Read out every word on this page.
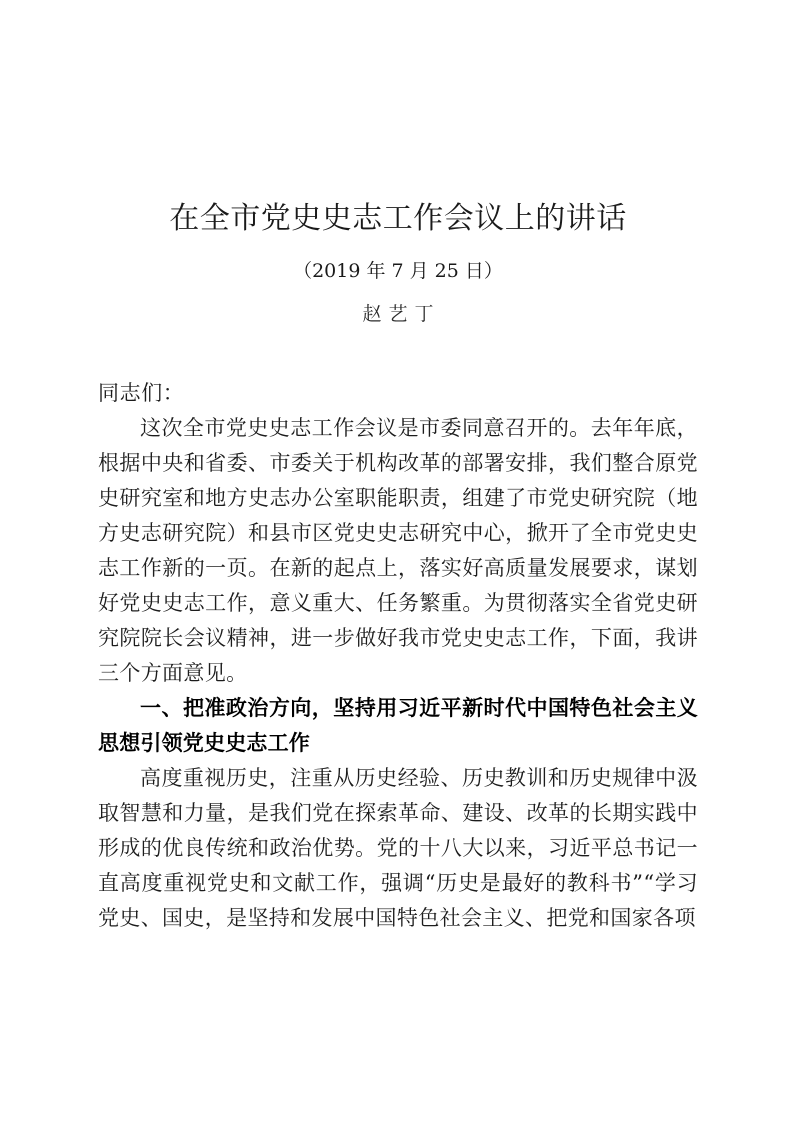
在全市党史史志工作会议上的讲话
（2019 年 7 月 25 日）
赵艺丁
同志们：

这次全市党史史志工作会议是市委同意召开的。去年年底，根据中央和省委、市委关于机构改革的部署安排，我们整合原党史研究室和地方史志办公室职能职责，组建了市党史研究院（地方史志研究院）和县市区党史史志研究中心，掀开了全市党史史志工作新的一页。在新的起点上，落实好高质量发展要求，谋划好党史史志工作，意义重大、任务繁重。为贯彻落实全省党史研究院院长会议精神，进一步做好我市党史史志工作，下面，我讲三个方面意见。

一、把准政治方向，坚持用习近平新时代中国特色社会主义思想引领党史史志工作

高度重视历史，注重从历史经验、历史教训和历史规律中汲取智慧和力量，是我们党在探索革命、建设、改革的长期实践中形成的优良传统和政治优势。党的十八大以来，习近平总书记一直高度重视党史和文献工作，强调“历史是最好的教科书”“学习党史、国史，是坚持和发展中国特色社会主义、把党和国家各项
